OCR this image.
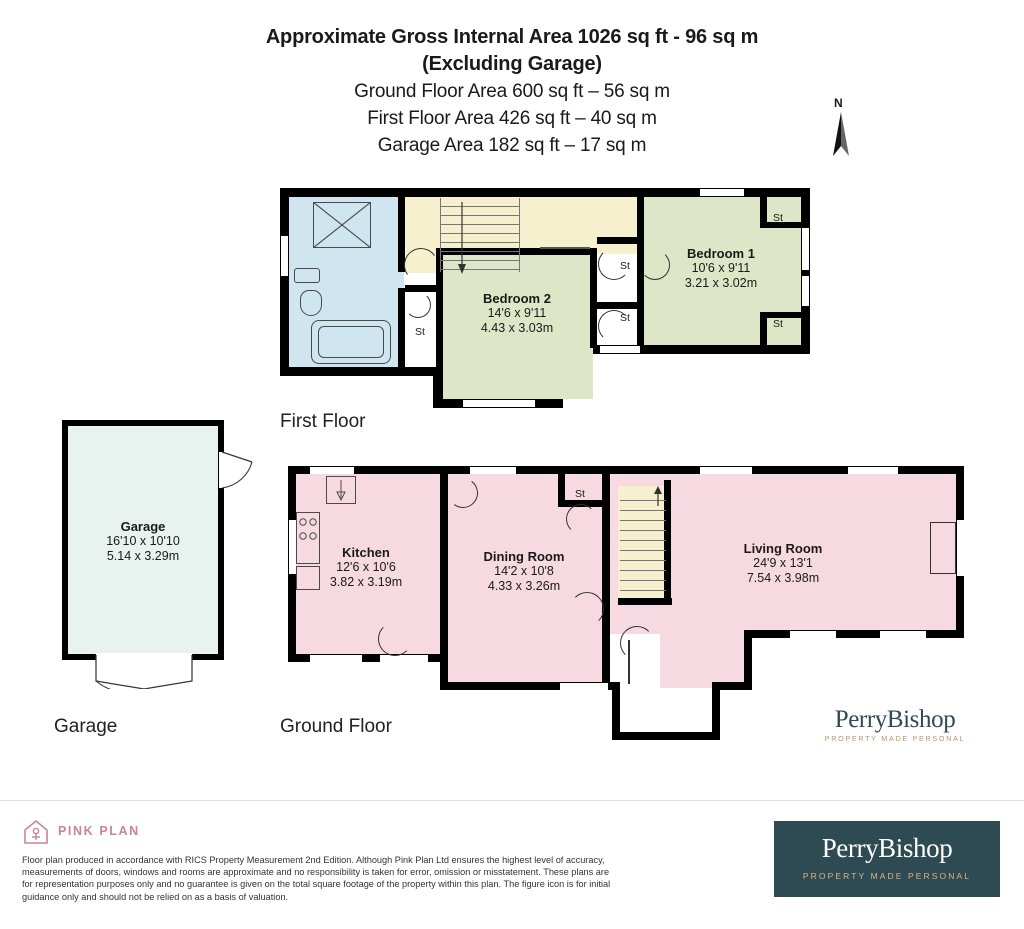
Approximate Gross Internal Area 1026 sq ft - 96 sq m
(Excluding Garage)
Ground Floor Area 600 sq ft – 56 sq m
First Floor Area 426 sq ft – 40 sq m
Garage Area 182 sq ft – 17 sq m
N
Bedroom 1
10'6 x 9'11
3.21 x 3.02m
Bedroom 2
14'6 x 9'11
4.43 x 3.03m
St
St
St
St
St
First Floor
Garage
16'10 x 10'10
5.14 x 3.29m
Garage
Kitchen
12'6 x 10'6
3.82 x 3.19m
Dining Room
14'2 x 10'8
4.33 x 3.26m
Living Room
24'9 x 13'1
7.54 x 3.98m
St
Ground Floor	PerryBishop
PROPERTY MADE PERSONAL
PINK PLAN
Floor plan produced in accordance with RICS Property Measurement 2nd Edition. Although Pink Plan Ltd ensures the highest level of accuracy, measurements of doors, windows and rooms are approximate and no responsibility is taken for error, omission or misstatement. These plans are for representation purposes only and no guarantee is given on the total square footage of the property within this plan. The figure icon is for initial guidance only and should not be relied on as a basis of valuation.
PerryBishop
PROPERTY MADE PERSONAL
